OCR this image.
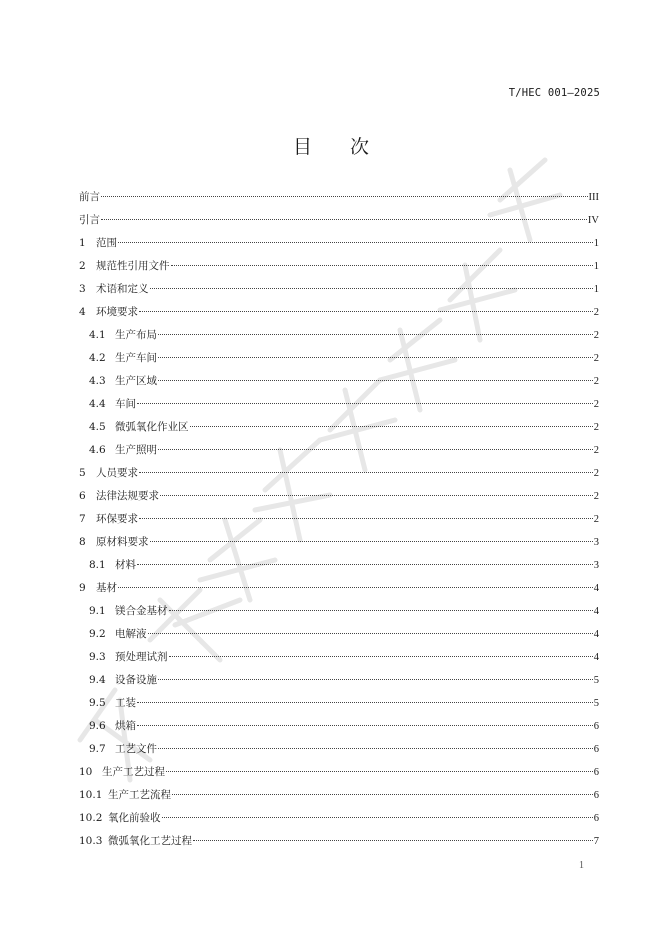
T/HEC 001—2025
目 次
前言	III
引言	IV
1 范围	1
2 规范性引用文件	1
3 术语和定义	1
4 环境要求	2
4.1 生产布局	2
4.2 生产车间	2
4.3 生产区域	2
4.4 车间	2
4.5 微弧氧化作业区	2
4.6 生产照明	2
5 人员要求	2
6 法律法规要求	2
7 环保要求	2
8 原材料要求	3
8.1 材料	3
9 基材	4
9.1 镁合金基材	4
9.2 电解液	4
9.3 预处理试剂	4
9.4 设备设施	5
9.5 工装	5
9.6 烘箱	6
9.7 工艺文件	6
10 生产工艺过程	6
10.1 生产工艺流程	6
10.2 氧化前验收	6
10.3 微弧氧化工艺过程	7
1
